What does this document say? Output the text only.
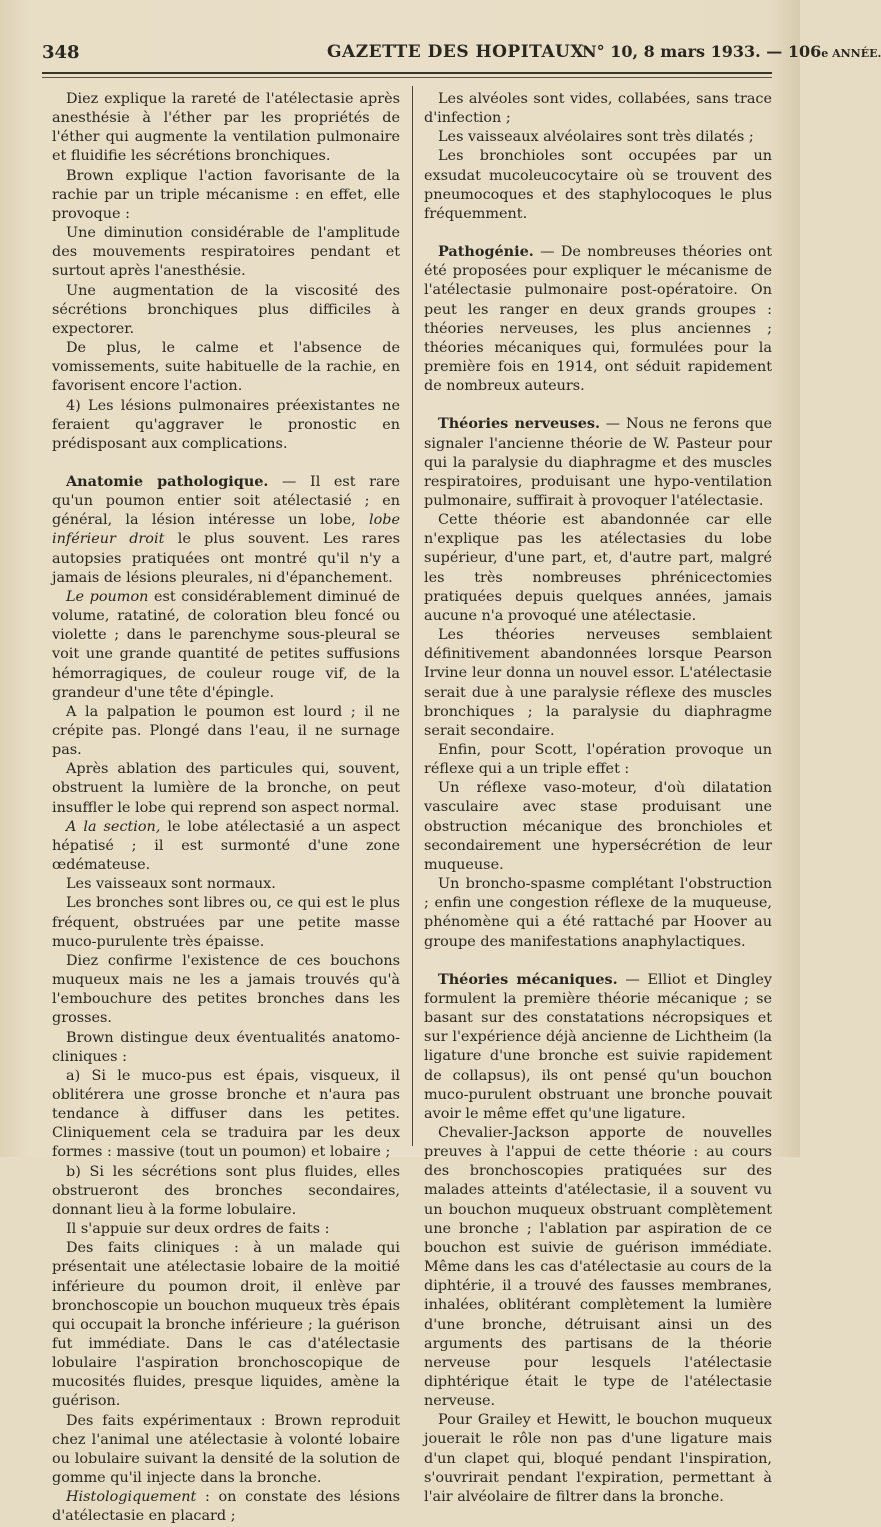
348	GAZETTE DES HOPITAUX
N° 10, 8 mars 1933. — 106e ANNÉE.

Diez explique la rareté de l'atélectasie après anesthésie à l'éther par les propriétés de l'éther qui augmente la ventilation pulmonaire et fluidifie les sécrétions bronchiques.

Brown explique l'action favorisante de la rachie par un triple mécanisme : en effet, elle provoque :

Une diminution considérable de l'amplitude des mouvements respiratoires pendant et surtout après l'anesthésie.

Une augmentation de la viscosité des sécrétions bronchiques plus difficiles à expectorer.

De plus, le calme et l'absence de vomissements, suite habituelle de la rachie, en favorisent encore l'action.

4) Les lésions pulmonaires préexistantes ne feraient qu'aggraver le pronostic en prédisposant aux complications.

Anatomie pathologique. — Il est rare qu'un poumon entier soit atélectasié ; en général, la lésion intéresse un lobe, lobe inférieur droit le plus souvent. Les rares autopsies pratiquées ont montré qu'il n'y a jamais de lésions pleurales, ni d'épanchement.

Le poumon est considérablement diminué de volume, ratatiné, de coloration bleu foncé ou violette ; dans le parenchyme sous-pleural se voit une grande quantité de petites suffusions hémorragiques, de couleur rouge vif, de la grandeur d'une tête d'épingle.

A la palpation le poumon est lourd ; il ne crépite pas. Plongé dans l'eau, il ne surnage pas.

Après ablation des particules qui, souvent, obstruent la lumière de la bronche, on peut insuffler le lobe qui reprend son aspect normal.

A la section, le lobe atélectasié a un aspect hépatisé ; il est surmonté d'une zone œdémateuse.

Les vaisseaux sont normaux.

Les bronches sont libres ou, ce qui est le plus fréquent, obstruées par une petite masse muco-purulente très épaisse.

Diez confirme l'existence de ces bouchons muqueux mais ne les a jamais trouvés qu'à l'embouchure des petites bronches dans les grosses.

Brown distingue deux éventualités anatomo-cliniques :

a) Si le muco-pus est épais, visqueux, il oblitérera une grosse bronche et n'aura pas tendance à diffuser dans les petites. Cliniquement cela se traduira par les deux formes : massive (tout un poumon) et lobaire ;

b) Si les sécrétions sont plus fluides, elles obstrueront des bronches secondaires, donnant lieu à la forme lobulaire.

Il s'appuie sur deux ordres de faits :

Des faits cliniques : à un malade qui présentait une atélectasie lobaire de la moitié inférieure du poumon droit, il enlève par bronchoscopie un bouchon muqueux très épais qui occupait la bronche inférieure ; la guérison fut immédiate. Dans le cas d'atélectasie lobulaire l'aspiration bronchoscopique de mucosités fluides, presque liquides, amène la guérison.

Des faits expérimentaux : Brown reproduit chez l'animal une atélectasie à volonté lobaire ou lobulaire suivant la densité de la solution de gomme qu'il injecte dans la bronche.

Histologiquement : on constate des lésions d'atélectasie en placard ;

Les alvéoles sont vides, collabées, sans trace d'infection ;

Les vaisseaux alvéolaires sont très dilatés ;

Les bronchioles sont occupées par un exsudat mucoleucocytaire où se trouvent des pneumocoques et des staphylocoques le plus fréquemment.

Pathogénie. — De nombreuses théories ont été proposées pour expliquer le mécanisme de l'atélectasie pulmonaire post-opératoire. On peut les ranger en deux grands groupes : théories nerveuses, les plus anciennes ; théories mécaniques qui, formulées pour la première fois en 1914, ont séduit rapidement de nombreux auteurs.

Théories nerveuses. — Nous ne ferons que signaler l'ancienne théorie de W. Pasteur pour qui la paralysie du diaphragme et des muscles respiratoires, produisant une hypo-ventilation pulmonaire, suffirait à provoquer l'atélectasie.

Cette théorie est abandonnée car elle n'explique pas les atélectasies du lobe supérieur, d'une part, et, d'autre part, malgré les très nombreuses phrénicectomies pratiquées depuis quelques années, jamais aucune n'a provoqué une atélectasie.

Les théories nerveuses semblaient définitivement abandonnées lorsque Pearson Irvine leur donna un nouvel essor. L'atélectasie serait due à une paralysie réflexe des muscles bronchiques ; la paralysie du diaphragme serait secondaire.

Enfin, pour Scott, l'opération provoque un réflexe qui a un triple effet :

Un réflexe vaso-moteur, d'où dilatation vasculaire avec stase produisant une obstruction mécanique des bronchioles et secondairement une hypersécrétion de leur muqueuse.

Un broncho-spasme complétant l'obstruction ; enfin une congestion réflexe de la muqueuse, phénomène qui a été rattaché par Hoover au groupe des manifestations anaphylactiques.

Théories mécaniques. — Elliot et Dingley formulent la première théorie mécanique ; se basant sur des constatations nécropsiques et sur l'expérience déjà ancienne de Lichtheim (la ligature d'une bronche est suivie rapidement de collapsus), ils ont pensé qu'un bouchon muco-purulent obstruant une bronche pouvait avoir le même effet qu'une ligature.

Chevalier-Jackson apporte de nouvelles preuves à l'appui de cette théorie : au cours des bronchoscopies pratiquées sur des malades atteints d'atélectasie, il a souvent vu un bouchon muqueux obstruant complètement une bronche ; l'ablation par aspiration de ce bouchon est suivie de guérison immédiate. Même dans les cas d'atélectasie au cours de la diphtérie, il a trouvé des fausses membranes, inhalées, oblitérant complètement la lumière d'une bronche, détruisant ainsi un des arguments des partisans de la théorie nerveuse pour lesquels l'atélectasie diphtérique était le type de l'atélectasie nerveuse.

Pour Grailey et Hewitt, le bouchon muqueux jouerait le rôle non pas d'une ligature mais d'un clapet qui, bloqué pendant l'inspiration, s'ouvrirait pendant l'expiration, permettant à l'air alvéolaire de filtrer dans la bronche.
